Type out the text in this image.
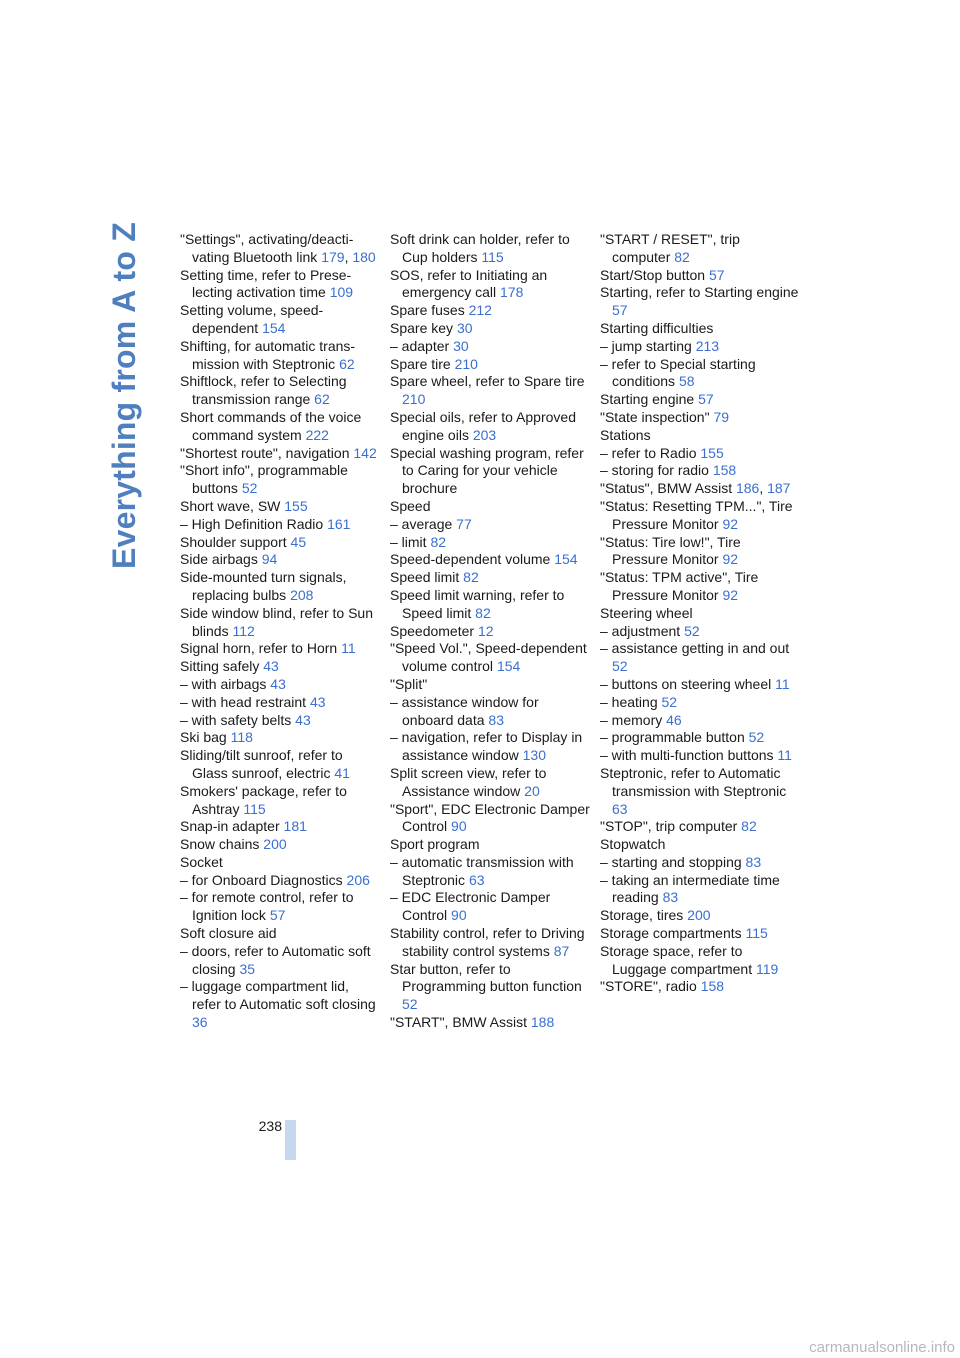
Everything from A to Z	"Settings", activating/deactivating Bluetooth link 179, 180
Setting time, refer to Preselecting activation time 109
Setting volume, speed-dependent 154
Shifting, for automatic transmission with Steptronic 62
Shiftlock, refer to Selecting transmission range 62
Short commands of the voice command system 222
"Shortest route", navigation 142
"Short info", programmable buttons 52
Short wave, SW 155
– High Definition Radio 161
Shoulder support 45
Side airbags 94
Side-mounted turn signals, replacing bulbs 208
Side window blind, refer to Sun blinds 112
Signal horn, refer to Horn 11
Sitting safely 43
– with airbags 43
– with head restraint 43
– with safety belts 43
Ski bag 118
Sliding/tilt sunroof, refer to Glass sunroof, electric 41
Smokers' package, refer to Ashtray 115
Snap-in adapter 181
Snow chains 200
Socket
– for Onboard Diagnostics 206
– for remote control, refer to Ignition lock 57
Soft closure aid
– doors, refer to Automatic soft closing 35
– luggage compartment lid, refer to Automatic soft closing 36
Soft drink can holder, refer to Cup holders 115
SOS, refer to Initiating an emergency call 178
Spare fuses 212
Spare key 30
– adapter 30
Spare tire 210
Spare wheel, refer to Spare tire 210
Special oils, refer to Approved engine oils 203
Special washing program, refer to Caring for your vehicle brochure
Speed
– average 77
– limit 82
Speed-dependent volume 154
Speed limit 82
Speed limit warning, refer to Speed limit 82
Speedometer 12
"Speed Vol.", Speed-dependent volume control 154
"Split"
– assistance window for onboard data 83
– navigation, refer to Display in assistance window 130
Split screen view, refer to Assistance window 20
"Sport", EDC Electronic Damper Control 90
Sport program
– automatic transmission with Steptronic 63
– EDC Electronic Damper Control 90
Stability control, refer to Driving stability control systems 87
Star button, refer to Programming button function 52
"START", BMW Assist 188
"START / RESET", trip computer 82
Start/Stop button 57
Starting, refer to Starting engine 57
Starting difficulties
– jump starting 213
– refer to Special starting conditions 58
Starting engine 57
"State inspection" 79
Stations
– refer to Radio 155
– storing for radio 158
"Status", BMW Assist 186, 187
"Status: Resetting TPM...", Tire Pressure Monitor 92
"Status: Tire low!", Tire Pressure Monitor 92
"Status: TPM active", Tire Pressure Monitor 92
Steering wheel
– adjustment 52
– assistance getting in and out 52
– buttons on steering wheel 11
– heating 52
– memory 46
– programmable button 52
– with multi-function buttons 11
Steptronic, refer to Automatic transmission with Steptronic 63
"STOP", trip computer 82
Stopwatch
– starting and stopping 83
– taking an intermediate time reading 83
Storage, tires 200
Storage compartments 115
Storage space, refer to Luggage compartment 119
"STORE", radio 158
238
carmanualsonline.info
